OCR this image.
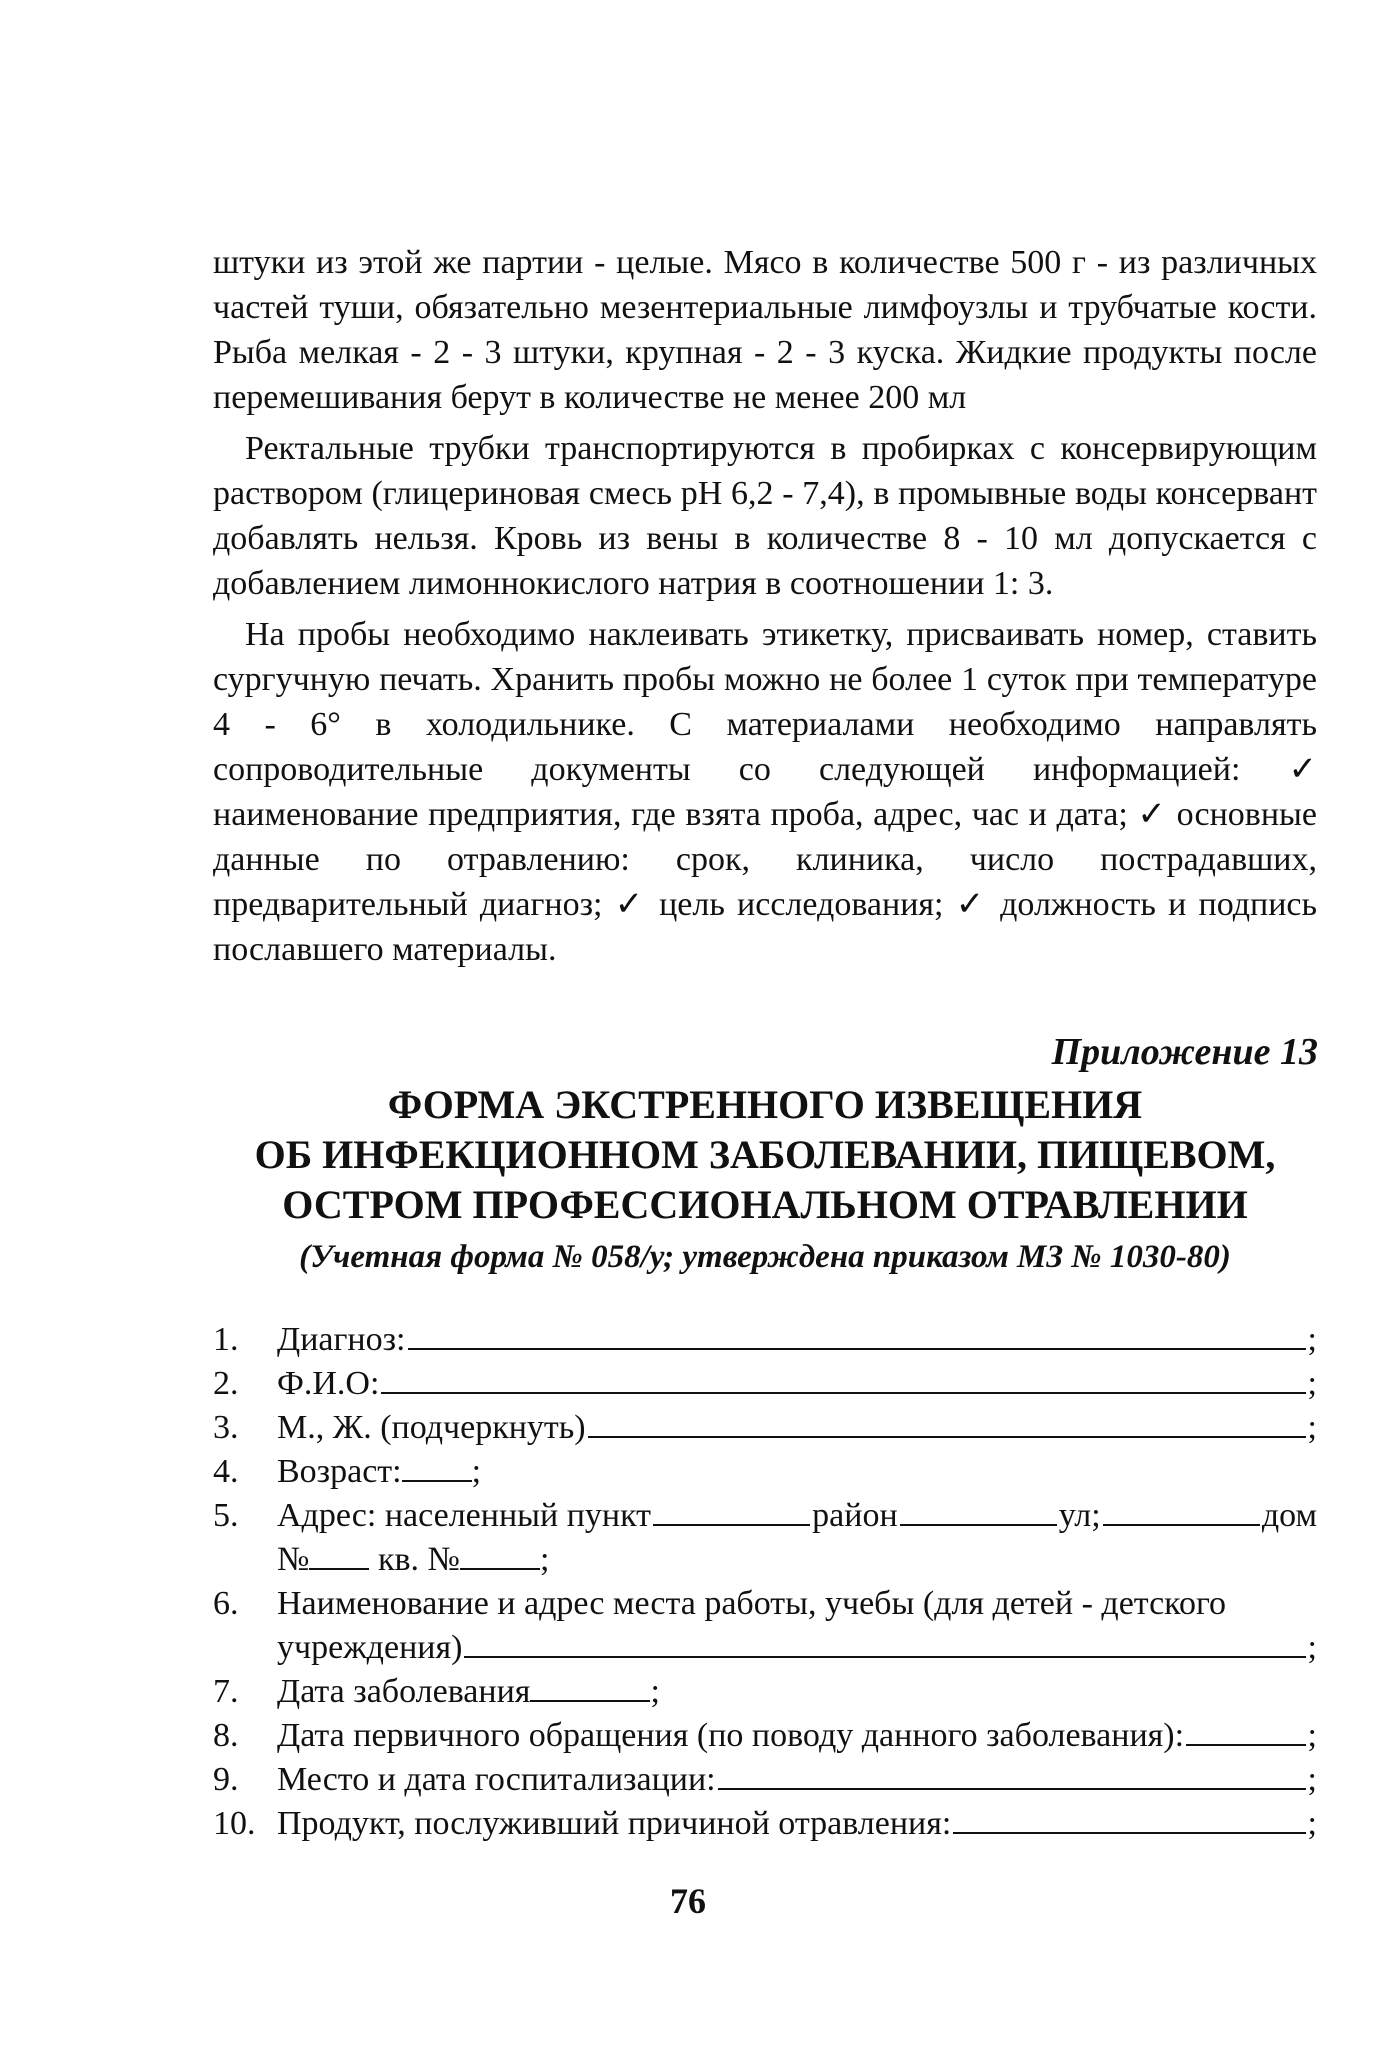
штуки из этой же партии - целые. Мясо в количестве 500 г - из различных частей туши, обязательно мезентериальные лимфоузлы и трубчатые кости. Рыба мелкая - 2 - 3 штуки, крупная - 2 - 3 куска. Жидкие продукты после перемешивания берут в количестве не менее 200 мл

Ректальные трубки транспортируются в пробирках с консервирующим раствором (глицериновая смесь рН 6,2 - 7,4), в промывные воды консервант добавлять нельзя. Кровь из вены в количестве 8 - 10 мл допускается с добавлением лимоннокислого натрия в соотношении 1: 3.

На пробы необходимо наклеивать этикетку, присваивать номер, ставить сургучную печать. Хранить пробы можно не более 1 суток при температуре 4 - 6° в холодильнике. С материалами необходимо направлять сопроводительные документы со следующей информацией: ✓ наименование предприятия, где взята проба, адрес, час и дата; ✓ основные данные по отравлению: срок, клиника, число пострадавших, предварительный диагноз; ✓ цель исследования; ✓ должность и подпись пославшего материалы.

Приложение 13
ФОРМА ЭКСТРЕННОГО ИЗВЕЩЕНИЯ
ОБ ИНФЕКЦИОННОМ ЗАБОЛЕВАНИИ, ПИЩЕВОМ,
ОСТРОМ ПРОФЕССИОНАЛЬНОМ ОТРАВЛЕНИИ
(Учетная форма № 058/у; утверждена приказом МЗ № 1030-80)
1.	Диагноз:	;
2.	Ф.И.О:	;
3.	М., Ж. (подчеркнуть)	;
4.	Возраст: ;
5.	Адрес: населенный пункт	район	ул;	дом
№ кв. № ;
6.	Наименование и адрес места работы, учебы (для детей - детского
учреждения)	;
7.	Дата заболевания	;
8.	Дата первичного обращения (по поводу данного заболевания):	;
9.	Место и дата госпитализации:	;
10. Продукт, послуживший причиной отравления:	;
76
